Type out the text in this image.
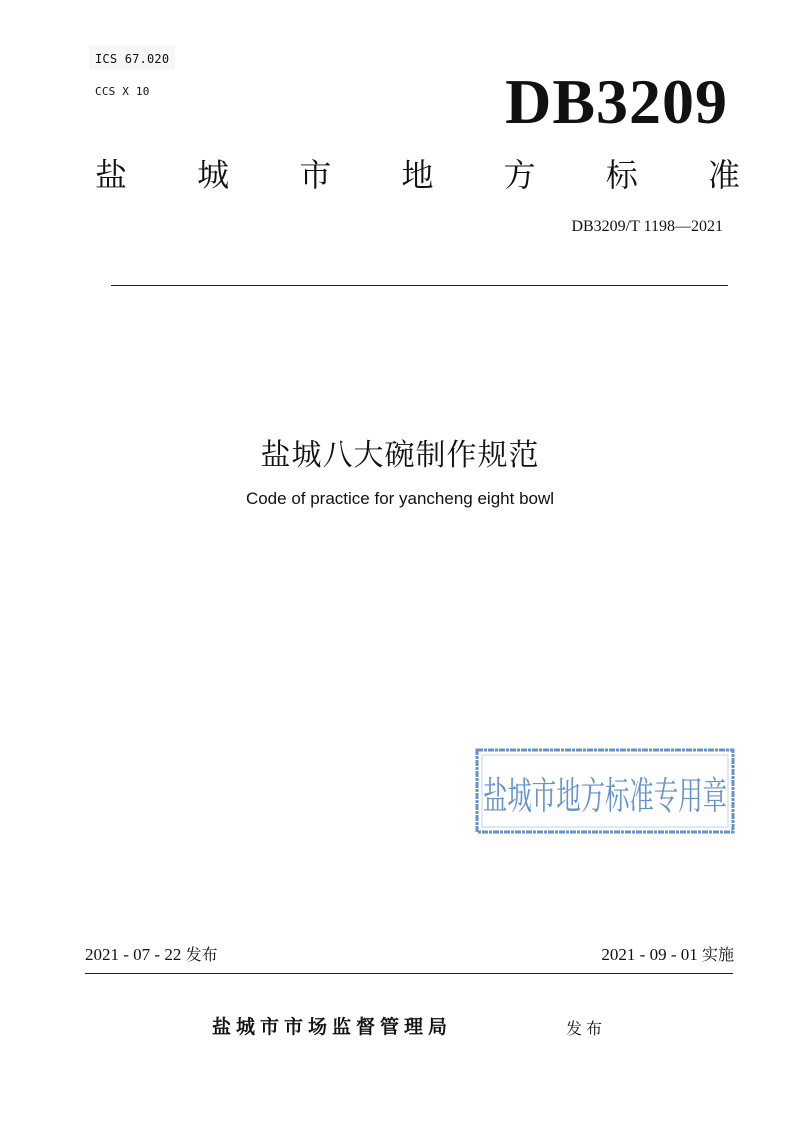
ICS 67.020
CCS X 10	DB3209
盐 城 市 地 方 标 准
DB3209/T 1198—2021
盐城八大碗制作规范
Code of practice for yancheng eight bowl
盐城市地方标准专用章
2021 - 07 - 22 发布	2021 - 09 - 01 实施
盐城市市场监督管理局	发布
